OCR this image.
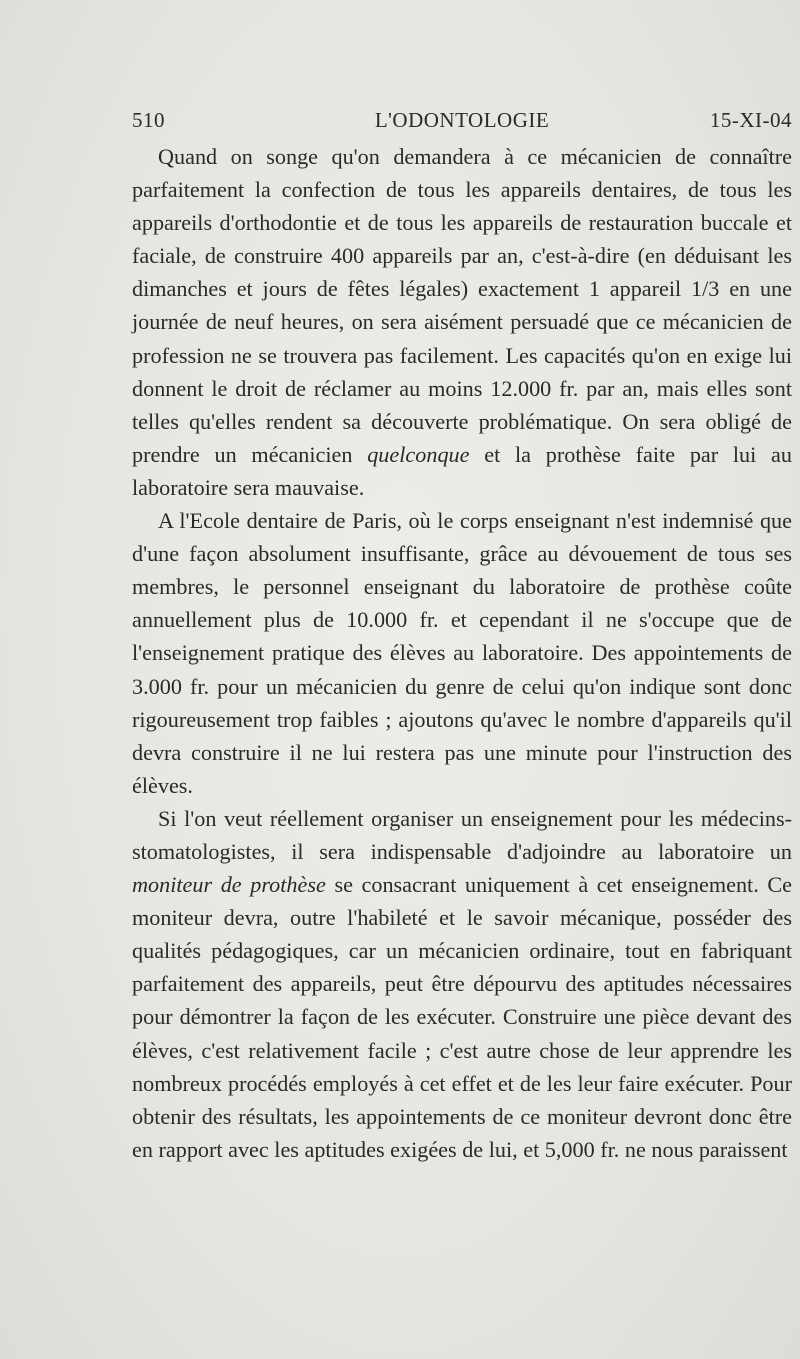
510	L'ODONTOLOGIE	15-XI-04

Quand on songe qu'on demandera à ce mécanicien de connaître parfaitement la confection de tous les appareils dentaires, de tous les appareils d'orthodontie et de tous les appareils de restauration buccale et faciale, de construire 400 appareils par an, c'est-à-dire (en déduisant les dimanches et jours de fêtes légales) exactement 1 appareil 1/3 en une journée de neuf heures, on sera aisément persuadé que ce mécanicien de profession ne se trouvera pas facilement. Les capacités qu'on en exige lui donnent le droit de réclamer au moins 12.000 fr. par an, mais elles sont telles qu'elles rendent sa découverte problématique. On sera obligé de prendre un mécanicien quelconque et la prothèse faite par lui au laboratoire sera mauvaise.

A l'Ecole dentaire de Paris, où le corps enseignant n'est indemnisé que d'une façon absolument insuffisante, grâce au dévouement de tous ses membres, le personnel enseignant du laboratoire de prothèse coûte annuellement plus de 10.000 fr. et cependant il ne s'occupe que de l'enseignement pratique des élèves au laboratoire. Des appointements de 3.000 fr. pour un mécanicien du genre de celui qu'on indique sont donc rigoureusement trop faibles ; ajoutons qu'avec le nombre d'appareils qu'il devra construire il ne lui restera pas une minute pour l'instruction des élèves.

Si l'on veut réellement organiser un enseignement pour les médecins-stomatologistes, il sera indispensable d'adjoindre au laboratoire un moniteur de prothèse se consacrant uniquement à cet enseignement. Ce moniteur devra, outre l'habileté et le savoir mécanique, posséder des qualités pédagogiques, car un mécanicien ordinaire, tout en fabriquant parfaitement des appareils, peut être dépourvu des aptitudes nécessaires pour démontrer la façon de les exécuter. Construire une pièce devant des élèves, c'est relativement facile ; c'est autre chose de leur apprendre les nombreux procédés employés à cet effet et de les leur faire exécuter. Pour obtenir des résultats, les appointements de ce moniteur devront donc être en rapport avec les aptitudes exigées de lui, et 5,000 fr. ne nous paraissent
